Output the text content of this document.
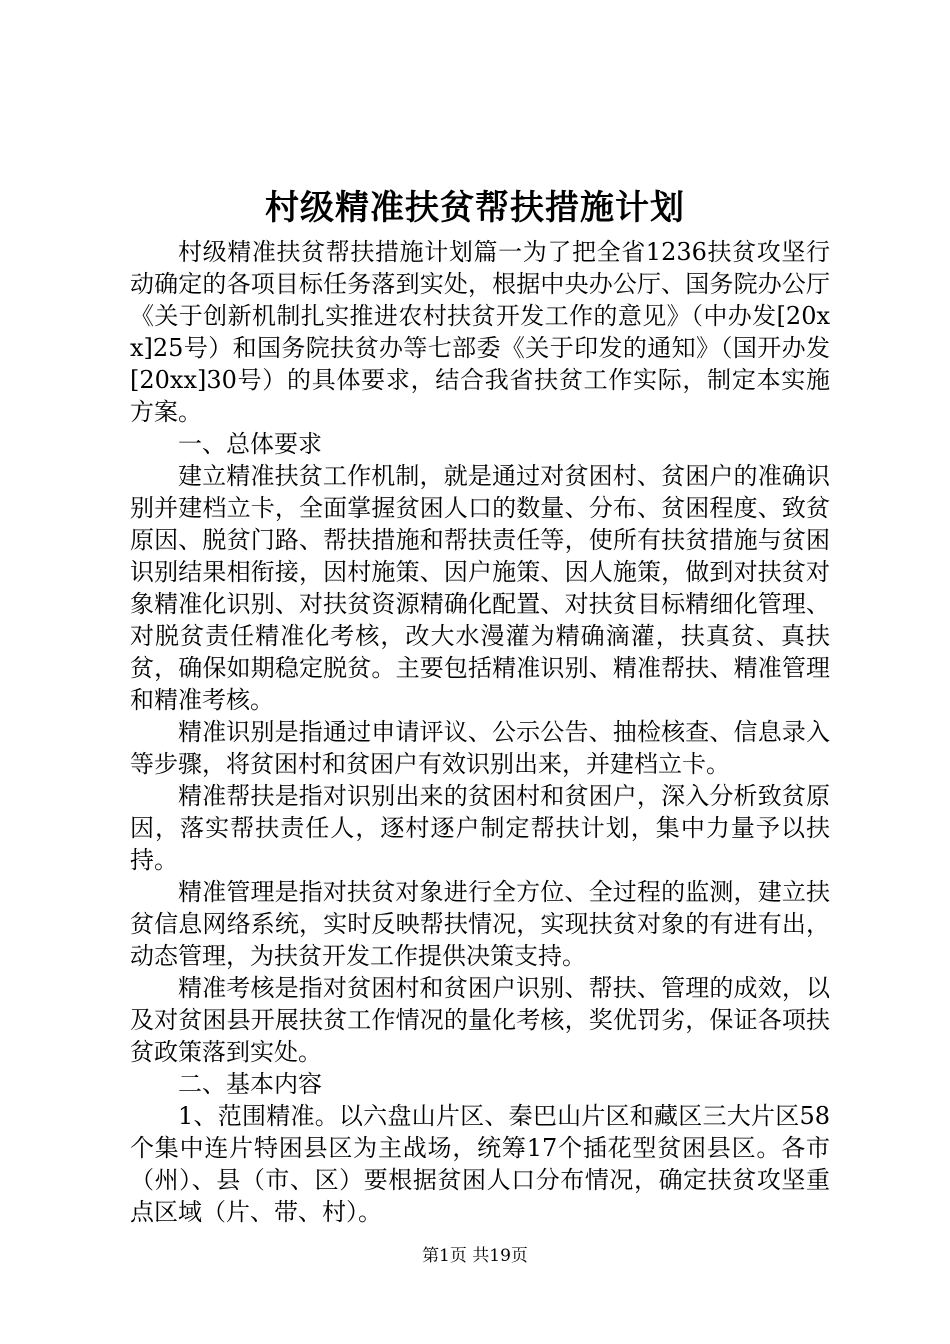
村级精准扶贫帮扶措施计划

村级精准扶贫帮扶措施计划篇一为了把全省1236扶贫攻坚行动确定的各项目标任务落到实处，根据中央办公厅、国务院办公厅《关于创新机制扎实推进农村扶贫开发工作的意见》（中办发[20xx]25号）和国务院扶贫办等七部委《关于印发的通知》（国开办发[20xx]30号）的具体要求，结合我省扶贫工作实际，制定本实施方案。

一、总体要求

建立精准扶贫工作机制，就是通过对贫困村、贫困户的准确识别并建档立卡，全面掌握贫困人口的数量、分布、贫困程度、致贫原因、脱贫门路、帮扶措施和帮扶责任等，使所有扶贫措施与贫困识别结果相衔接，因村施策、因户施策、因人施策，做到对扶贫对象精准化识别、对扶贫资源精确化配置、对扶贫目标精细化管理、对脱贫责任精准化考核，改大水漫灌为精确滴灌，扶真贫、真扶贫，确保如期稳定脱贫。主要包括精准识别、精准帮扶、精准管理和精准考核。

精准识别是指通过申请评议、公示公告、抽检核查、信息录入等步骤，将贫困村和贫困户有效识别出来，并建档立卡。

精准帮扶是指对识别出来的贫困村和贫困户，深入分析致贫原因，落实帮扶责任人，逐村逐户制定帮扶计划，集中力量予以扶持。

精准管理是指对扶贫对象进行全方位、全过程的监测，建立扶贫信息网络系统，实时反映帮扶情况，实现扶贫对象的有进有出，动态管理，为扶贫开发工作提供决策支持。

精准考核是指对贫困村和贫困户识别、帮扶、管理的成效，以及对贫困县开展扶贫工作情况的量化考核，奖优罚劣，保证各项扶贫政策落到实处。

二、基本内容

1、范围精准。以六盘山片区、秦巴山片区和藏区三大片区58个集中连片特困县区为主战场，统筹17个插花型贫困县区。各市（州）、县（市、区）要根据贫困人口分布情况，确定扶贫攻坚重点区域（片、带、村）。

第1页 共19页
